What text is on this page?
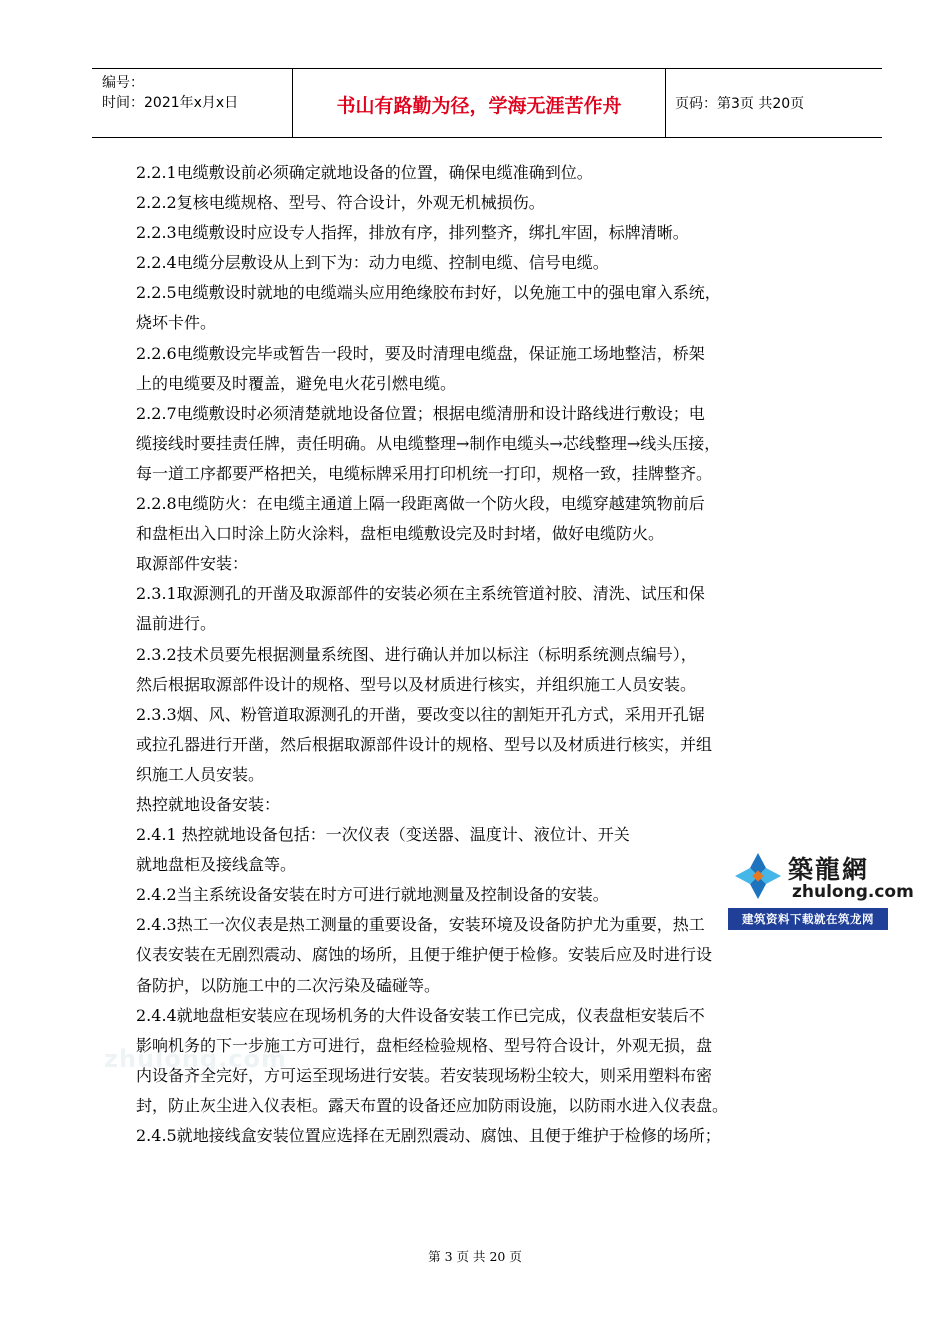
编号：
时间：2021年x月x日	书山有路勤为径，学海无涯苦作舟	页码：第3页 共20页
zhulong.com

2.2.1电缆敷设前必须确定就地设备的位置，确保电缆准确到位。

2.2.2复核电缆规格、型号、符合设计，外观无机械损伤。

2.2.3电缆敷设时应设专人指挥，排放有序，排列整齐，绑扎牢固，标牌清晰。

2.2.4电缆分层敷设从上到下为：动力电缆、控制电缆、信号电缆。

2.2.5电缆敷设时就地的电缆端头应用绝缘胶布封好，以免施工中的强电窜入系统，

烧坏卡件。

2.2.6电缆敷设完毕或暂告一段时，要及时清理电缆盘，保证施工场地整洁，桥架

上的电缆要及时覆盖，避免电火花引燃电缆。

2.2.7电缆敷设时必须清楚就地设备位置；根据电缆清册和设计路线进行敷设；电

缆接线时要挂责任牌，责任明确。从电缆整理→制作电缆头→芯线整理→线头压接，

每一道工序都要严格把关，电缆标牌采用打印机统一打印，规格一致，挂牌整齐。

2.2.8电缆防火：在电缆主通道上隔一段距离做一个防火段，电缆穿越建筑物前后

和盘柜出入口时涂上防火涂料，盘柜电缆敷设完及时封堵，做好电缆防火。

取源部件安装：

2.3.1取源测孔的开凿及取源部件的安装必须在主系统管道衬胶、清洗、试压和保

温前进行。

2.3.2技术员要先根据测量系统图、进行确认并加以标注（标明系统测点编号），

然后根据取源部件设计的规格、型号以及材质进行核实，并组织施工人员安装。

2.3.3烟、风、粉管道取源测孔的开凿，要改变以往的割矩开孔方式，采用开孔锯

或拉孔器进行开凿，然后根据取源部件设计的规格、型号以及材质进行核实，并组

织施工人员安装。

热控就地设备安装：

2.4.1 热控就地设备包括：一次仪表（变送器、温度计、液位计、开关

就地盘柜及接线盒等。

2.4.2当主系统设备安装在时方可进行就地测量及控制设备的安装。

2.4.3热工一次仪表是热工测量的重要设备，安装环境及设备防护尤为重要，热工

仪表安装在无剧烈震动、腐蚀的场所，且便于维护便于检修。安装后应及时进行设

备防护，以防施工中的二次污染及磕碰等。

2.4.4就地盘柜安装应在现场机务的大件设备安装工作已完成，仪表盘柜安装后不

影响机务的下一步施工方可进行，盘柜经检验规格、型号符合设计，外观无损，盘

内设备齐全完好，方可运至现场进行安装。若安装现场粉尘较大，则采用塑料布密

封，防止灰尘进入仪表柜。露天布置的设备还应加防雨设施，以防雨水进入仪表盘。

2.4.5就地接线盒安装位置应选择在无剧烈震动、腐蚀、且便于维护于检修的场所；

築龍網
zhulong.com
建筑资料下载就在筑龙网
第 3 页 共 20 页
